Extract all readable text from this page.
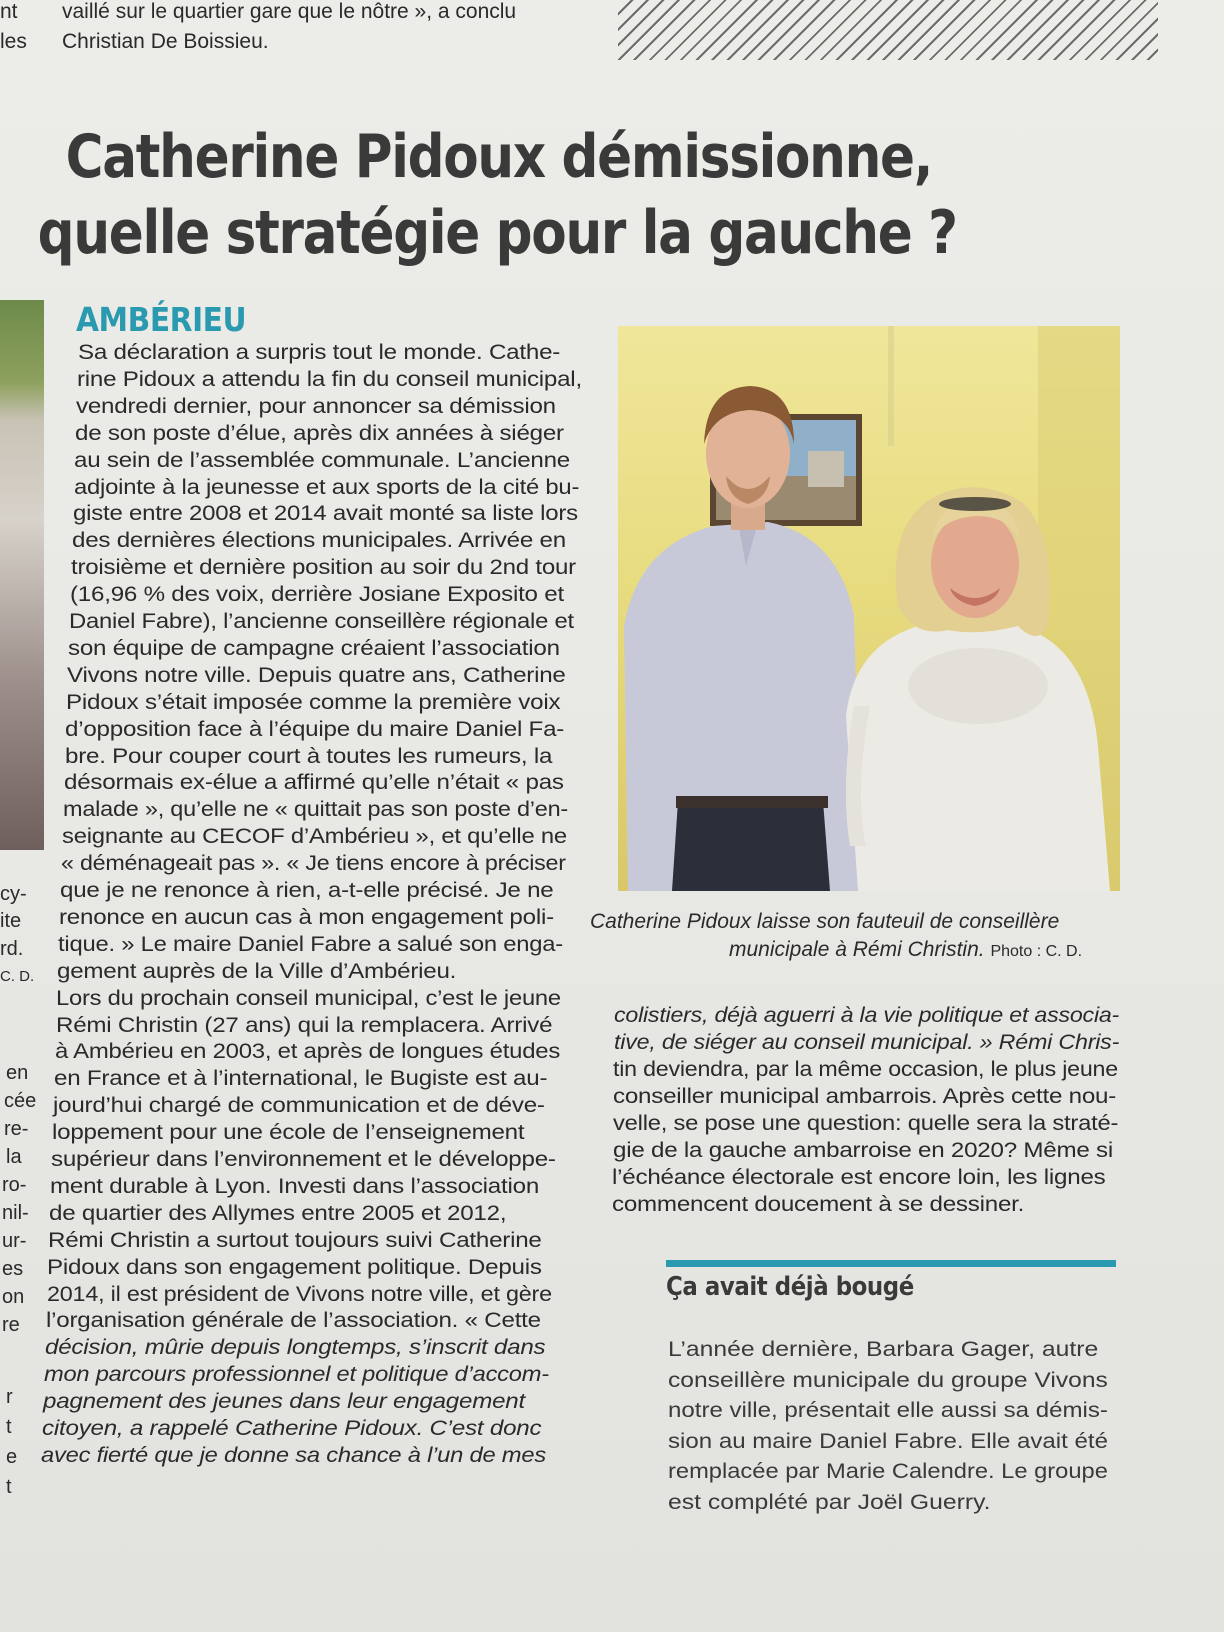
nt
les
vaillé sur le quartier gare que le nôtre », a conclu
Christian De Boissieu.
Catherine Pidoux démissionne,
quelle stratégie pour la gauche ?
cy-
ite
rd.
C. D.
en
cée
re-
la
ro-
nil-
ur-
es
on
re
r
t
e
t
AMBÉRIEU
Sa déclaration a surpris tout le monde. Cathe-
rine Pidoux a attendu la fin du conseil municipal,
vendredi dernier, pour annoncer sa démission
de son poste d’élue, après dix années à siéger
au sein de l’assemblée communale. L’ancienne
adjointe à la jeunesse et aux sports de la cité bu-
giste entre 2008 et 2014 avait monté sa liste lors
des dernières élections municipales. Arrivée en
troisième et dernière position au soir du 2nd tour
(16,96 % des voix, derrière Josiane Exposito et
Daniel Fabre), l’ancienne conseillère régionale et
son équipe de campagne créaient l’association
Vivons notre ville. Depuis quatre ans, Catherine
Pidoux s’était imposée comme la première voix
d’opposition face à l’équipe du maire Daniel Fa-
bre. Pour couper court à toutes les rumeurs, la
désormais ex-élue a affirmé qu’elle n’était « pas
malade », qu’elle ne « quittait pas son poste d’en-
seignante au CECOF d’Ambérieu », et qu’elle ne
« déménageait pas ». « Je tiens encore à préciser
que je ne renonce à rien, a-t-elle précisé. Je ne
renonce en aucun cas à mon engagement poli-
tique. » Le maire Daniel Fabre a salué son enga-
gement auprès de la Ville d’Ambérieu.
Lors du prochain conseil municipal, c’est le jeune
Rémi Christin (27 ans) qui la remplacera. Arrivé
à Ambérieu en 2003, et après de longues études
en France et à l’international, le Bugiste est au-
jourd’hui chargé de communication et de déve-
loppement pour une école de l’enseignement
supérieur dans l’environnement et le développe-
ment durable à Lyon. Investi dans l’association
de quartier des Allymes entre 2005 et 2012,
Rémi Christin a surtout toujours suivi Catherine
Pidoux dans son engagement politique. Depuis
2014, il est président de Vivons notre ville, et gère
l’organisation générale de l’association. « Cette
décision, mûrie depuis longtemps, s’inscrit dans
mon parcours professionnel et politique d’accom-
pagnement des jeunes dans leur engagement
citoyen, a rappelé Catherine Pidoux. C’est donc
avec fierté que je donne sa chance à l’un de mes
Catherine Pidoux laisse son fauteuil de conseillère
municipale à Rémi Christin. Photo : C. D.
colistiers, déjà aguerri à la vie politique et associa-
tive, de siéger au conseil municipal. » Rémi Chris-
tin deviendra, par la même occasion, le plus jeune
conseiller municipal ambarrois. Après cette nou-
velle, se pose une question: quelle sera la straté-
gie de la gauche ambarroise en 2020? Même si
l’échéance électorale est encore loin, les lignes
commencent doucement à se dessiner.
Ça avait déjà bougé
L’année dernière, Barbara Gager, autre
conseillère municipale du groupe Vivons
notre ville, présentait elle aussi sa démis-
sion au maire Daniel Fabre. Elle avait été
remplacée par Marie Calendre. Le groupe
est complété par Joël Guerry.
